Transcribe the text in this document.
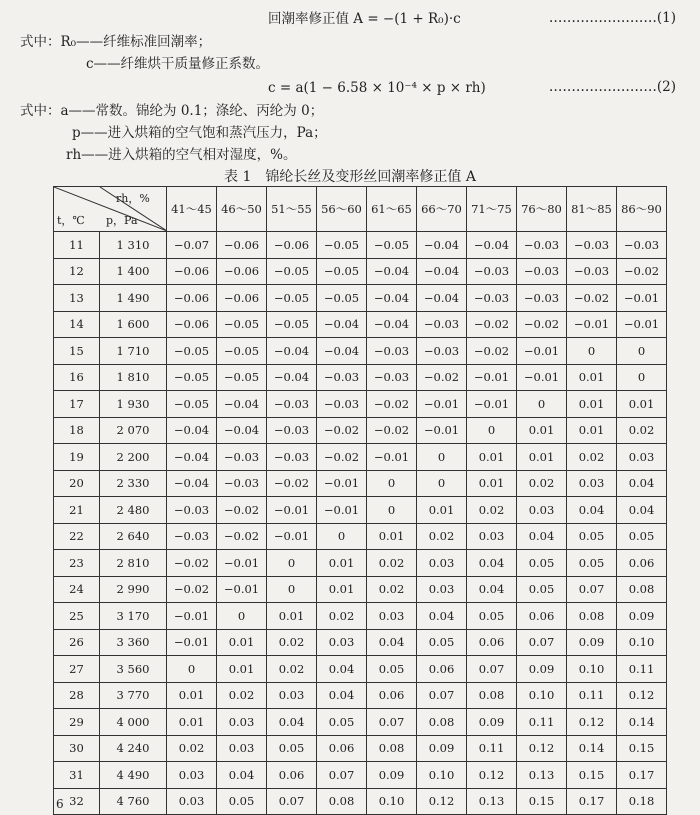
回潮率修正值 A = −(1 + R₀)·c	……………………(1)
式中：R₀——纤维标准回潮率；
c——纤维烘干质量修正系数。
c = a(1 − 6.58 × 10⁻⁴ × p × rh)	……………………(2)
式中：a——常数。锦纶为 0.1；涤纶、丙纶为 0；
p——进入烘箱的空气饱和蒸汽压力，Pa；
rh——进入烘箱的空气相对湿度，%。
表 1　锦纶长丝及变形丝回潮率修正值 A
rh，%
p，Pa
t，℃		41～45	46～50	51～55	56～60	61～65	66～70	71～75	76～80	81～85	86～90
11	1 310	−0.07	−0.06	−0.06	−0.05	−0.05	−0.04	−0.04	−0.03	−0.03	−0.03
12	1 400	−0.06	−0.06	−0.05	−0.05	−0.04	−0.04	−0.03	−0.03	−0.03	−0.02
13	1 490	−0.06	−0.06	−0.05	−0.05	−0.04	−0.04	−0.03	−0.03	−0.02	−0.01
14	1 600	−0.06	−0.05	−0.05	−0.04	−0.04	−0.03	−0.02	−0.02	−0.01	−0.01
15	1 710	−0.05	−0.05	−0.04	−0.04	−0.03	−0.03	−0.02	−0.01	0	0
16	1 810	−0.05	−0.05	−0.04	−0.03	−0.03	−0.02	−0.01	−0.01	0.01	0
17	1 930	−0.05	−0.04	−0.03	−0.03	−0.02	−0.01	−0.01	0	0.01	0.01
18	2 070	−0.04	−0.04	−0.03	−0.02	−0.02	−0.01	0	0.01	0.01	0.02
19	2 200	−0.04	−0.03	−0.03	−0.02	−0.01	0	0.01	0.01	0.02	0.03
20	2 330	−0.04	−0.03	−0.02	−0.01	0	0	0.01	0.02	0.03	0.04
21	2 480	−0.03	−0.02	−0.01	−0.01	0	0.01	0.02	0.03	0.04	0.04
22	2 640	−0.03	−0.02	−0.01	0	0.01	0.02	0.03	0.04	0.05	0.05
23	2 810	−0.02	−0.01	0	0.01	0.02	0.03	0.04	0.05	0.05	0.06
24	2 990	−0.02	−0.01	0	0.01	0.02	0.03	0.04	0.05	0.07	0.08
25	3 170	−0.01	0	0.01	0.02	0.03	0.04	0.05	0.06	0.08	0.09
26	3 360	−0.01	0.01	0.02	0.03	0.04	0.05	0.06	0.07	0.09	0.10
27	3 560	0	0.01	0.02	0.04	0.05	0.06	0.07	0.09	0.10	0.11
28	3 770	0.01	0.02	0.03	0.04	0.06	0.07	0.08	0.10	0.11	0.12
29	4 000	0.01	0.03	0.04	0.05	0.07	0.08	0.09	0.11	0.12	0.14
30	4 240	0.02	0.03	0.05	0.06	0.08	0.09	0.11	0.12	0.14	0.15
31	4 490	0.03	0.04	0.06	0.07	0.09	0.10	0.12	0.13	0.15	0.17
32	4 760	0.03	0.05	0.07	0.08	0.10	0.12	0.13	0.15	0.17	0.18
6
